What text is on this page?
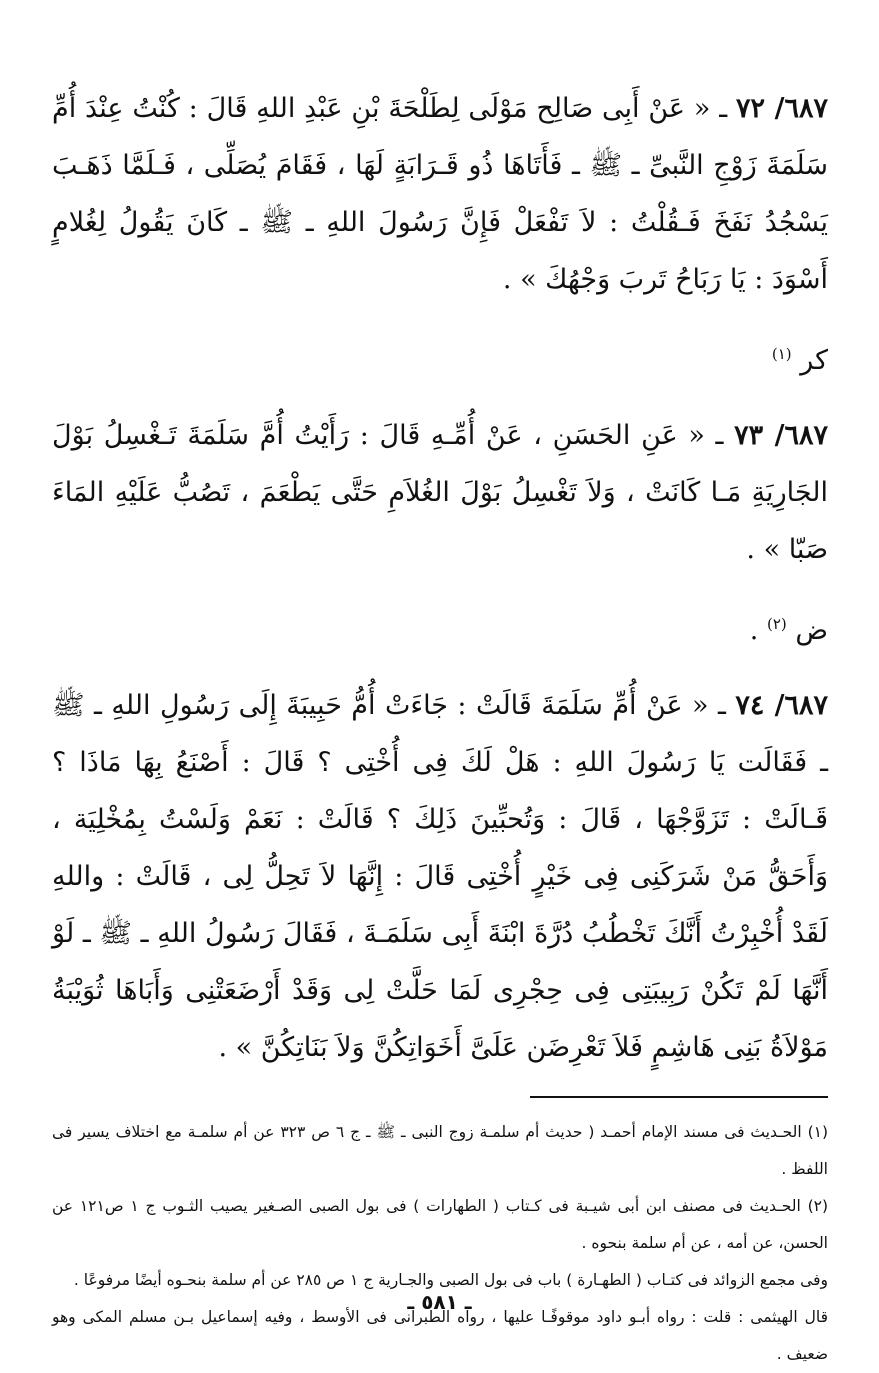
٦٨٧/ ٧٢ ـ « عَنْ أَبِى صَالِح مَوْلَى لِطَلْحَةَ بْنِ عَبْدِ اللهِ قَالَ : كُنْتُ عِنْدَ أُمِّ سَلَمَةَ زَوْجِ النَّبىِّ ـ ﷺ ـ فَأَتَاهَا ذُو قَـرَابَةٍ لَهَا ، فَقَامَ يُصَلِّى ، فَـلَمَّا ذَهَـبَ يَسْجُدُ نَفَخَ فَـقُلْتُ : لاَ تَفْعَلْ فَإِنَّ رَسُولَ اللهِ ـ ﷺ ـ كَانَ يَقُولُ لِغُلامٍ أَسْوَدَ : يَا رَبَاحُ تَربَ وَجْهُكَ » .

كر $^{(١)}$

٦٨٧/ ٧٣ ـ « عَنِ الحَسَنِ ، عَنْ أُمِّـهِ قَالَ : رَأَيْتُ أُمَّ سَلَمَةَ تَـغْسِلُ بَوْلَ الجَارِيَةِ مَـا كَانَتْ ، وَلاَ تَغْسِلُ بَوْلَ الغُلاَمِ حَتَّى يَطْعَمَ ، تَصُبُّ عَلَيْهِ المَاءَ صَبّا » .

ض $^{(٢)}$ .

٦٨٧/ ٧٤ ـ « عَنْ أُمِّ سَلَمَةَ قَالَتْ : جَاءَتْ أُمُّ حَبِيبَةَ إِلَى رَسُولِ اللهِ ـ ﷺ ـ فَقَالَت يَا رَسُولَ اللهِ : هَلْ لَكَ فِى أُخْتِى ؟ قَالَ : أَصْنَعُ بِهَا مَاذَا ؟ قَـالَتْ : تَزَوَّجْهَا ، قَالَ : وَتُحبِّينَ ذَلِكَ ؟ قَالَتْ : نَعَمْ وَلَسْتُ بِمُخْلِيَة ، وَأَحَقُّ مَنْ شَرَكَنِى فِى خَيْرٍ أُخْتِى قَالَ : إِنَّهَا لاَ تَحِلُّ لِى ، قَالَتْ : واللهِ لَقَدْ أُخْبِرْتُ أَنَّكَ تَخْطُبُ دُرَّةَ ابْنَةَ أَبِى سَلَمَـةَ ، فَقَالَ رَسُولُ اللهِ ـ ﷺ ـ لَوْ أَنَّهَا لَمْ تَكُنْ رَبِيبَتِى فِى حِجْرِى لَمَا حَلَّتْ لِى وَقَدْ أَرْضَعَتْنِى وَأَبَاهَا ثُوَيْبَةُ مَوْلاَةُ بَنِى هَاشِمٍ فَلاَ تَعْرِضَن عَلَىَّ أَخَوَاتِكُنَّ وَلاَ بَنَاتِكُنَّ » .

(١) الحـديث فى مسند الإمام أحمـد ( حديث أم سلمـة زوج النبى ـ ﷺ ـ ج ٦ ص ٣٢٣ عن أم سلمـة مع اختلاف يسير فى اللفظ .

(٢) الحـديث فى مصنف ابن أبى شيـبة فى كـتاب ( الطهارات ) فى بول الصبى الصـغير يصيب الثـوب ج ١ ص١٢١ عن الحسن، عن أمه ، عن أم سلمة بنحوه .

وفى مجمع الزوائد فى كتـاب ( الطهـارة ) باب فى بول الصبى والجـارية ج ١ ص ٢٨٥ عن أم سلمة بنحـوه أيضًا مرفوعًا .

قال الهيثمى : قلت : رواه أبـو داود موقوفًـا عليها ، رواه الطبرانى فى الأوسط ، وفيه إسماعيل بـن مسلم المكى وهو ضعيف .

ـ ٥٨١ ـ
